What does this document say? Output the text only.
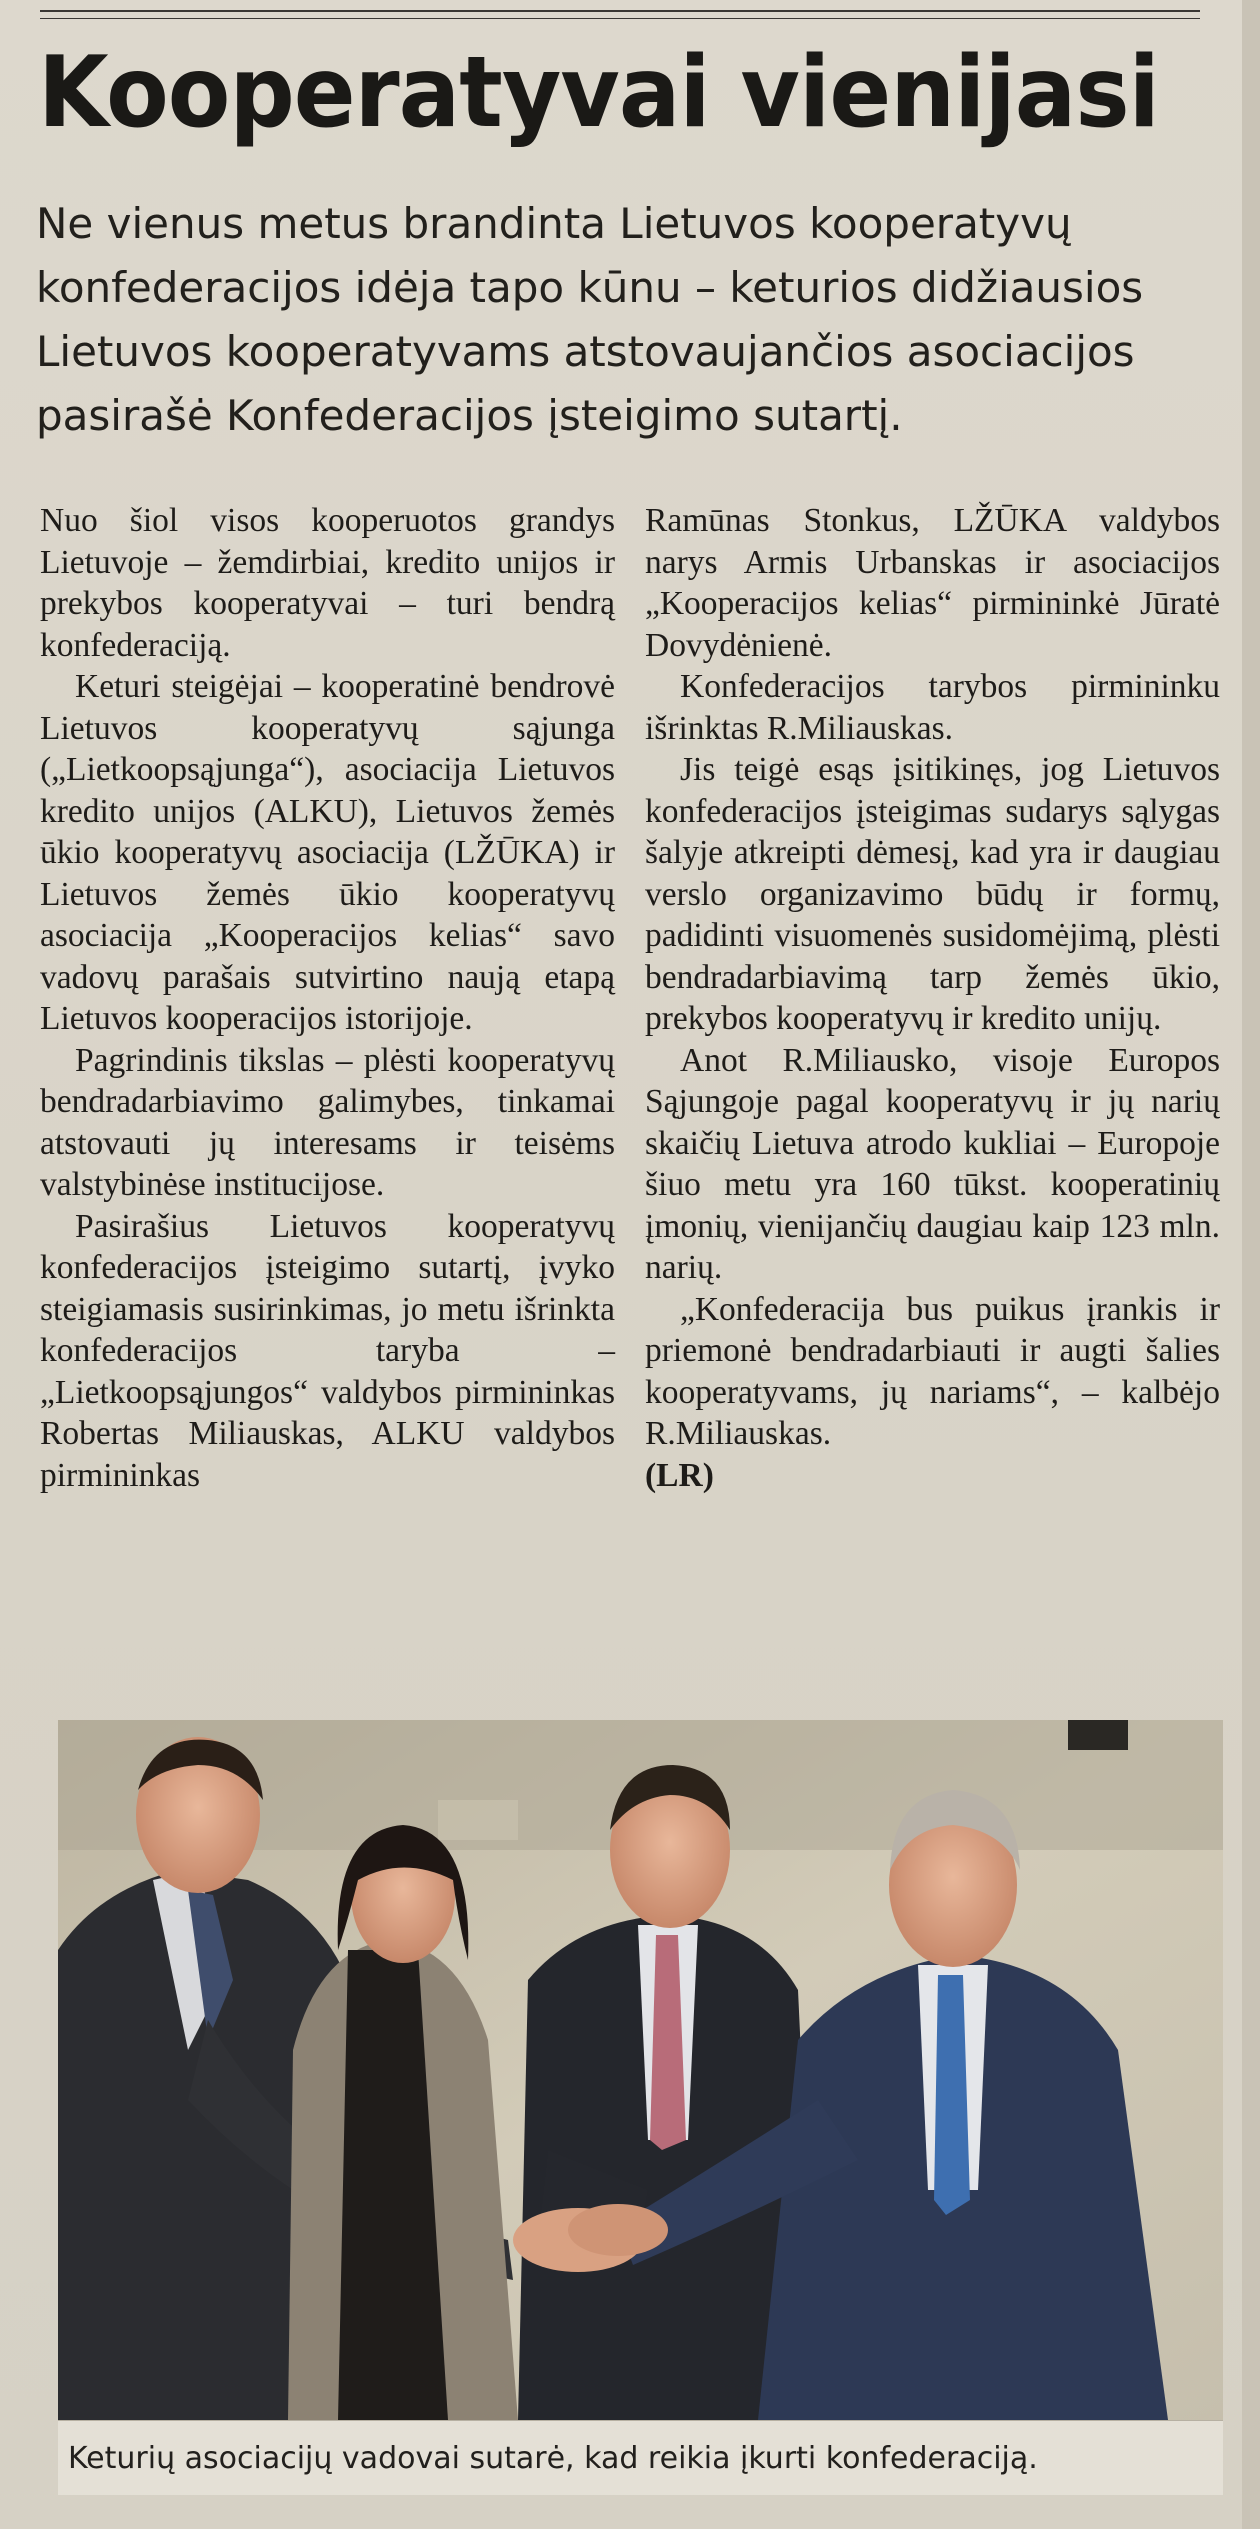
Kooperatyvai vienijasi

Ne vienus metus brandinta Lietuvos kooperatyvų konfederacijos idėja tapo kūnu – keturios didžiausios Lietuvos kooperatyvams atstovaujančios asociacijos pasirašė Konfederacijos įsteigimo sutartį.

Nuo šiol visos kooperuotos grandys Lietuvoje – žemdirbiai, kredito unijos ir prekybos kooperatyvai – turi bendrą konfederaciją.

Keturi steigėjai – kooperatinė bendrovė Lietuvos kooperatyvų sąjunga („Lietkoopsąjunga“), asociacija Lietuvos kredito unijos (ALKU), Lietuvos žemės ūkio kooperatyvų asociacija (LŽŪKA) ir Lietuvos žemės ūkio kooperatyvų asociacija „Kooperacijos kelias“ savo vadovų parašais sutvirtino naują etapą Lietuvos kooperacijos istorijoje.

Pagrindinis tikslas – plėsti kooperatyvų bendradarbiavimo galimybes, tinkamai atstovauti jų interesams ir teisėms valstybinėse institucijose.

Pasirašius Lietuvos kooperatyvų konfederacijos įsteigimo sutartį, įvyko steigiamasis susirinkimas, jo metu išrinkta konfederacijos taryba – „Lietkoopsąjungos“ valdybos pirmininkas Robertas Miliauskas, ALKU valdybos pirmininkas

Ramūnas Stonkus, LŽŪKA valdybos narys Armis Urbanskas ir asociacijos „Kooperacijos kelias“ pirmininkė Jūratė Dovydėnienė.

Konfederacijos tarybos pirmininku išrinktas R.Miliauskas.

Jis teigė esąs įsitikinęs, jog Lietuvos konfederacijos įsteigimas sudarys sąlygas šalyje atkreipti dėmesį, kad yra ir daugiau verslo organizavimo būdų ir formų, padidinti visuomenės susidomėjimą, plėsti bendradarbiavimą tarp žemės ūkio, prekybos kooperatyvų ir kredito unijų.

Anot R.Miliausko, visoje Europos Sąjungoje pagal kooperatyvų ir jų narių skaičių Lietuva atrodo kukliai – Europoje šiuo metu yra 160 tūkst. kooperatinių įmonių, vienijančių daugiau kaip 123 mln. narių.

„Konfederacija bus puikus įrankis ir priemonė bendradarbiauti ir augti šalies kooperatyvams, jų nariams“, – kalbėjo R.Miliauskas.

(LR)

Keturių asociacijų vadovai sutarė, kad reikia įkurti konfederaciją.
